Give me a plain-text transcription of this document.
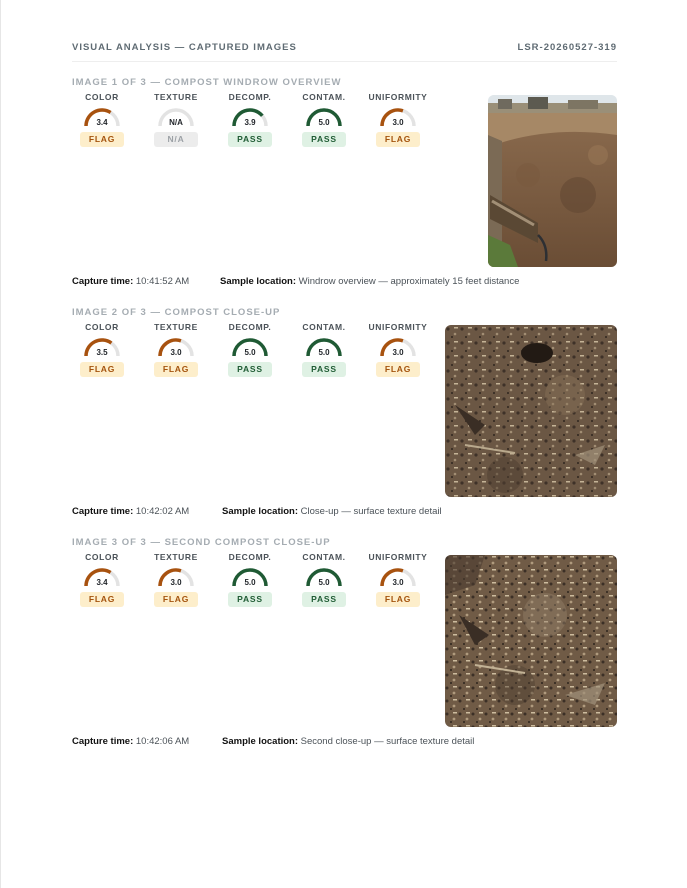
VISUAL ANALYSIS — CAPTURED IMAGES	LSR-20260527-319
IMAGE 1 OF 3 — COMPOST WINDROW OVERVIEW
COLOR
3.4
FLAG
TEXTURE
N/A
N/A
DECOMP.
3.9
PASS
CONTAM.
5.0
PASS
UNIFORMITY
3.0
FLAG
Capture time: 10:41:52 AM	Sample location: Windrow overview — approximately 15 feet distance
IMAGE 2 OF 3 — COMPOST CLOSE-UP
COLOR
3.5
FLAG
TEXTURE
3.0
FLAG
DECOMP.
5.0
PASS
CONTAM.
5.0
PASS
UNIFORMITY
3.0
FLAG
Capture time: 10:42:02 AM	Sample location: Close-up — surface texture detail
IMAGE 3 OF 3 — SECOND COMPOST CLOSE-UP
COLOR
3.4
FLAG
TEXTURE
3.0
FLAG
DECOMP.
5.0
PASS
CONTAM.
5.0
PASS
UNIFORMITY
3.0
FLAG
Capture time: 10:42:06 AM	Sample location: Second close-up — surface texture detail
